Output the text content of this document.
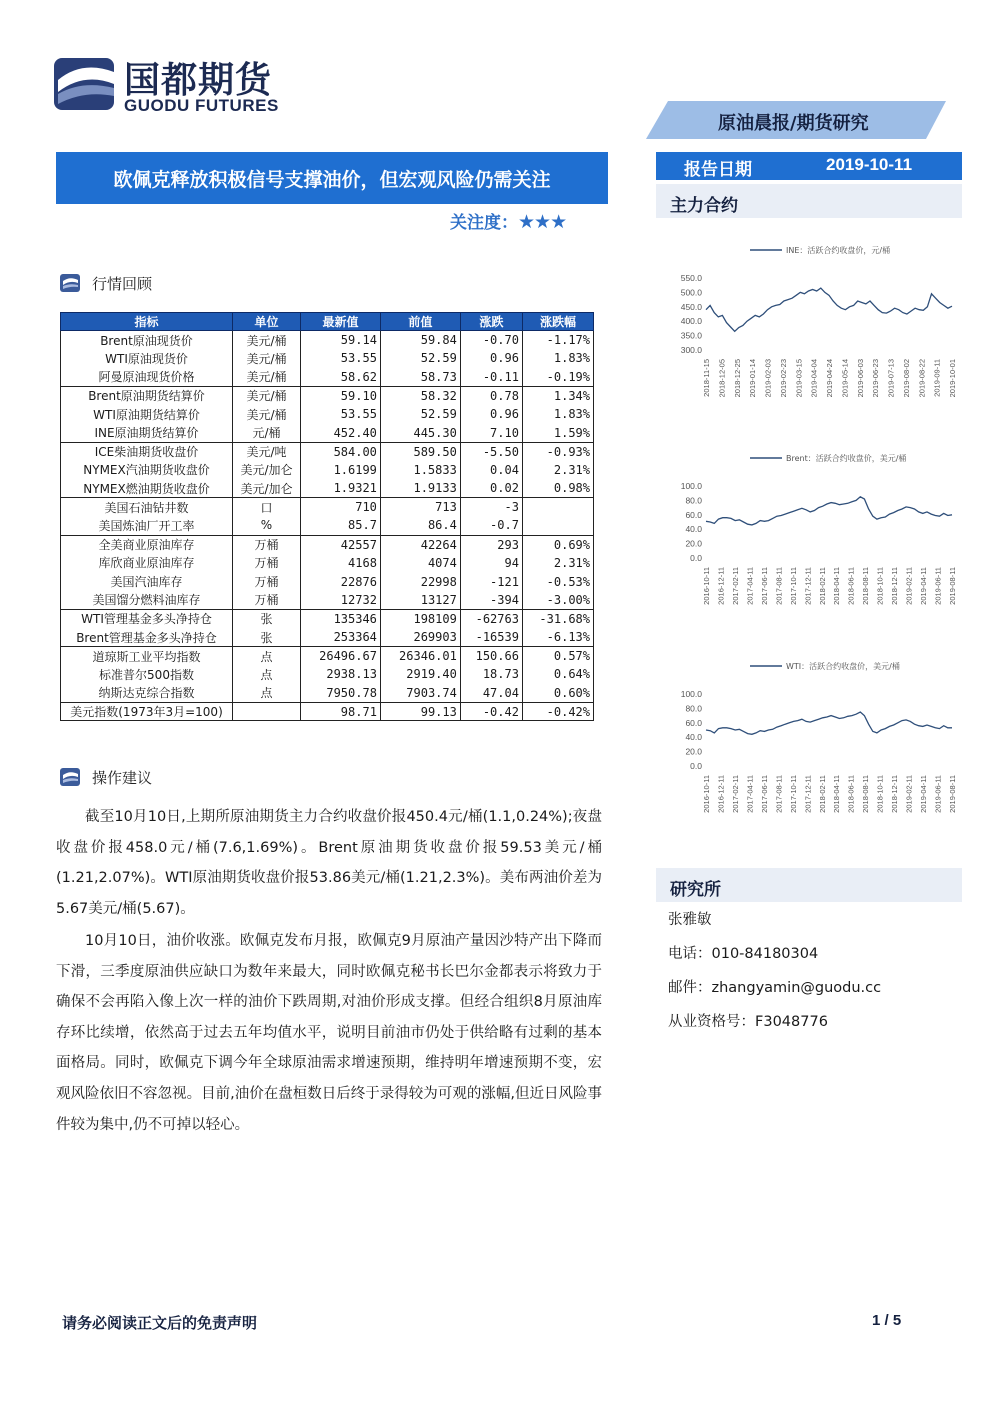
国都期货
GUODU FUTURES
原油晨报/期货研究
欧佩克释放积极信号支撑油价，但宏观风险仍需关注
关注度：★★★
报告日期	2019-10-11
主力合约
行情回顾
指标	单位	最新值	前值	涨跌	涨跌幅
Brent原油现货价	美元/桶	59.14	59.84	-0.70	-1.17%
WTI原油现货价	美元/桶	53.55	52.59	0.96	1.83%
阿曼原油现货价格	美元/桶	58.62	58.73	-0.11	-0.19%
Brent原油期货结算价	美元/桶	59.10	58.32	0.78	1.34%
WTI原油期货结算价	美元/桶	53.55	52.59	0.96	1.83%
INE原油期货结算价	元/桶	452.40	445.30	7.10	1.59%
ICE柴油期货收盘价	美元/吨	584.00	589.50	-5.50	-0.93%
NYMEX汽油期货收盘价	美元/加仑	1.6199	1.5833	0.04	2.31%
NYMEX燃油期货收盘价	美元/加仑	1.9321	1.9133	0.02	0.98%
美国石油钻井数	口	710	713	-3	
美国炼油厂开工率	%	85.7	86.4	-0.7	
全美商业原油库存	万桶	42557	42264	293	0.69%
库欣商业原油库存	万桶	4168	4074	94	2.31%
美国汽油库存	万桶	22876	22998	-121	-0.53%
美国馏分燃料油库存	万桶	12732	13127	-394	-3.00%
WTI管理基金多头净持仓	张	135346	198109	-62763	-31.68%
Brent管理基金多头净持仓	张	253364	269903	-16539	-6.13%
道琼斯工业平均指数	点	26496.67	26346.01	150.66	0.57%
标准普尔500指数	点	2938.13	2919.40	18.73	0.64%
纳斯达克综合指数	点	7950.78	7903.74	47.04	0.60%
美元指数(1973年3月=100)		98.71	99.13	-0.42	-0.42%
操作建议

截至10月10日,上期所原油期货主力合约收盘价报450.4元/桶(1.1,0.24%);夜盘收盘价报458.0元/桶(7.6,1.69%)。Brent原油期货收盘价报59.53美元/桶(1.21,2.07%)。WTI原油期货收盘价报53.86美元/桶(1.21,2.3%)。美布两油价差为5.67美元/桶(5.67)。

10月10日，油价收涨。欧佩克发布月报，欧佩克9月原油产量因沙特产出下降而下滑，三季度原油供应缺口为数年来最大，同时欧佩克秘书长巴尔金都表示将致力于确保不会再陷入像上次一样的油价下跌周期,对油价形成支撑。但经合组织8月原油库存环比续增，依然高于过去五年均值水平，说明目前油市仍处于供给略有过剩的基本面格局。同时，欧佩克下调今年全球原油需求增速预期，维持明年增速预期不变，宏观风险依旧不容忽视。目前,油价在盘桓数日后终于录得较为可观的涨幅,但近日风险事件较为集中,仍不可掉以轻心。

INE：活跃合约收盘价，元/桶
550.0
500.0
450.0
400.0
350.0
300.0
2018-11-15 2018-12-05 2018-12-25 2019-01-14 2019-02-03 2019-02-23 2019-03-15 2019-04-04 2019-04-24 2019-05-14 2019-06-03 2019-06-23 2019-07-13 2019-08-02 2019-08-22 2019-09-11 2019-10-01
Brent：活跃合约收盘价，美元/桶
100.0
80.0
60.0
40.0
20.0
0.0
2016-10-11 2016-12-11 2017-02-11 2017-04-11 2017-06-11 2017-08-11 2017-10-11 2017-12-11 2018-02-11 2018-04-11 2018-06-11 2018-08-11 2018-10-11 2018-12-11 2019-02-11 2019-04-11 2019-06-11 2019-08-11
WTI：活跃合约收盘价，美元/桶
100.0
80.0
60.0
40.0
20.0
0.0
2016-10-11 2016-12-11 2017-02-11 2017-04-11 2017-06-11 2017-08-11 2017-10-11 2017-12-11 2018-02-11 2018-04-11 2018-06-11 2018-08-11 2018-10-11 2018-12-11 2019-02-11 2019-04-11 2019-06-11 2019-08-11
研究所
张雅敏
电话：010-84180304
邮件：zhangyamin@guodu.cc
从业资格号：F3048776
请务必阅读正文后的免责声明	1 / 5
